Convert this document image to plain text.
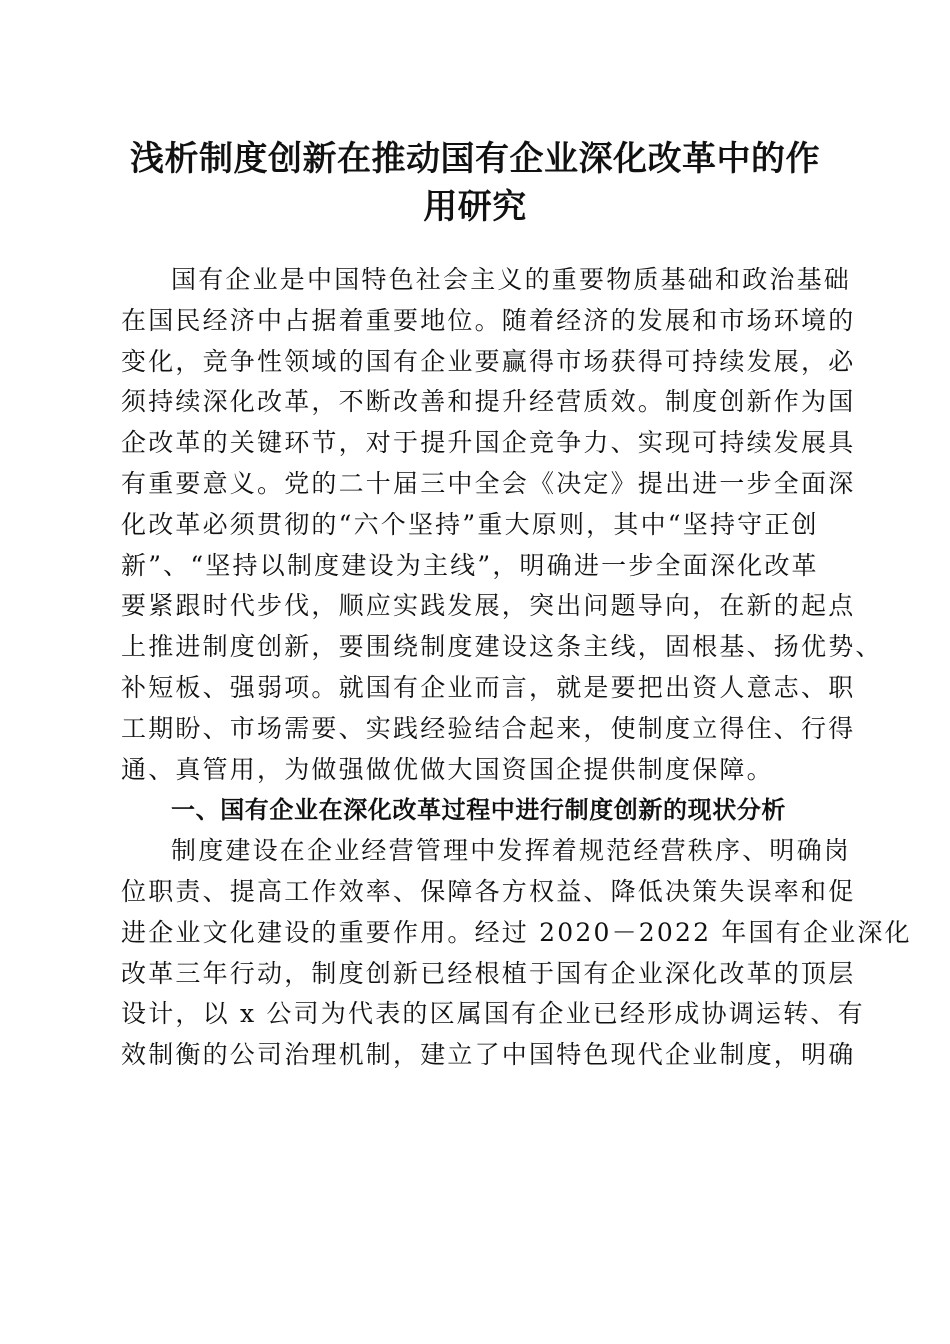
浅析制度创新在推动国有企业深化改革中的作
用研究

国有企业是中国特色社会主义的重要物质基础和政治基础
在国民经济中占据着重要地位。随着经济的发展和市场环境的
变化，竞争性领域的国有企业要赢得市场获得可持续发展，必
须持续深化改革，不断改善和提升经营质效。制度创新作为国
企改革的关键环节，对于提升国企竞争力、实现可持续发展具
有重要意义。党的二十届三中全会《决定》提出进一步全面深
化改革必须贯彻的“六个坚持”重大原则，其中“坚持守正创
新”、“坚持以制度建设为主线”，明确进一步全面深化改革
要紧跟时代步伐，顺应实践发展，突出问题导向，在新的起点
上推进制度创新，要围绕制度建设这条主线，固根基、扬优势、
补短板、强弱项。就国有企业而言，就是要把出资人意志、职
工期盼、市场需要、实践经验结合起来，使制度立得住、行得
通、真管用，为做强做优做大国资国企提供制度保障。

一、国有企业在深化改革过程中进行制度创新的现状分析

制度建设在企业经营管理中发挥着规范经营秩序、明确岗
位职责、提高工作效率、保障各方权益、降低决策失误率和促
进企业文化建设的重要作用。经过 2020－2022 年国有企业深化
改革三年行动，制度创新已经根植于国有企业深化改革的顶层
设计，以 x 公司为代表的区属国有企业已经形成协调运转、有
效制衡的公司治理机制，建立了中国特色现代企业制度，明确
